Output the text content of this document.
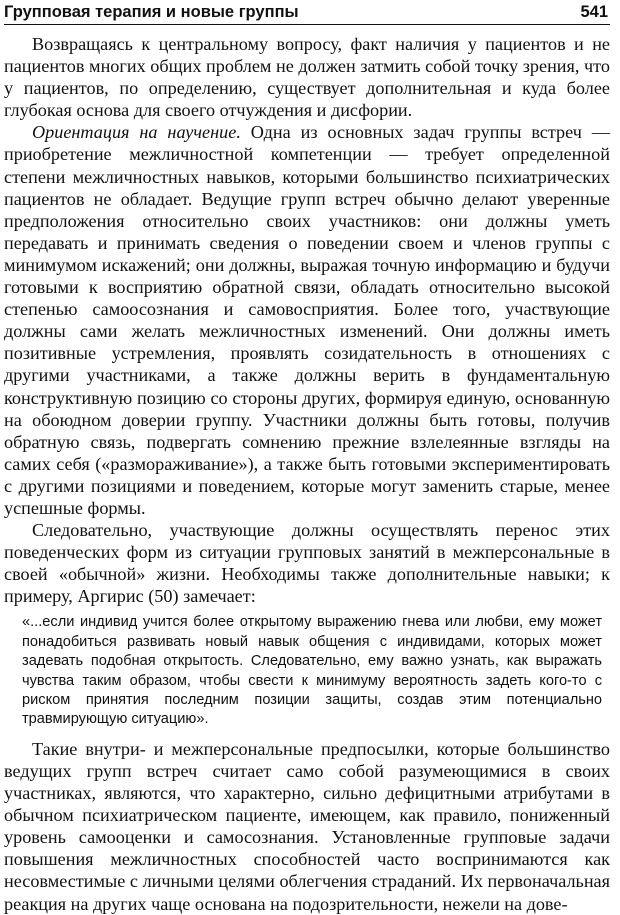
Групповая терапия и новые группы	541

Возвращаясь к центральному вопросу, факт наличия у пациентов и не пациентов многих общих проблем не должен затмить собой точку зрения, что у пациентов, по определению, существует дополнительная и куда более глубокая основа для своего отчуждения и дисфории.

Ориентация на научение. Одна из основных задач группы встреч — приобретение межличностной компетенции — требует определенной степени межличностных навыков, которыми большинство психиатрических пациентов не обладает. Ведущие групп встреч обычно делают уверенные предположения относительно своих участников: они должны уметь передавать и принимать сведения о поведении своем и членов группы с минимумом искажений; они должны, выражая точную информацию и будучи готовыми к восприятию обратной связи, обладать относительно высокой степенью самоосознания и самовосприятия. Более того, участвующие должны сами желать межличностных изменений. Они должны иметь позитивные устремления, проявлять созидательность в отношениях с другими участниками, а также должны верить в фундаментальную конструктивную позицию со стороны других, формируя единую, основанную на обоюдном доверии группу. Участники должны быть готовы, получив обратную связь, подвергать сомнению прежние взлелеянные взгляды на самих себя («размораживание»), а также быть готовыми экспериментировать с другими позициями и поведением, которые могут заменить старые, менее успешные формы.

Следовательно, участвующие должны осуществлять перенос этих поведенческих форм из ситуации групповых занятий в межперсональные в своей «обычной» жизни. Необходимы также дополнительные навыки; к примеру, Аргирис (50) замечает:

«...если индивид учится более открытому выражению гнева или любви, ему может понадобиться развивать новый навык общения с индивидами, которых может задевать подобная открытость. Следовательно, ему важно узнать, как выражать чувства таким образом, чтобы свести к минимуму вероятность задеть кого-то с риском принятия последним позиции защиты, создав этим потенциально травмирующую ситуацию».

Такие внутри- и межперсональные предпосылки, которые большинство ведущих групп встреч считает само собой разумеющимися в своих участниках, являются, что характерно, сильно дефицитными атрибутами в обычном психиатрическом пациенте, имеющем, как правило, пониженный уровень самооценки и самосознания. Установленные групповые задачи повышения межличностных способностей часто воспринимаются как несовместимые с личными целями облегчения страданий. Их первоначальная реакция на других чаще основана на подозрительности, нежели на дове-
